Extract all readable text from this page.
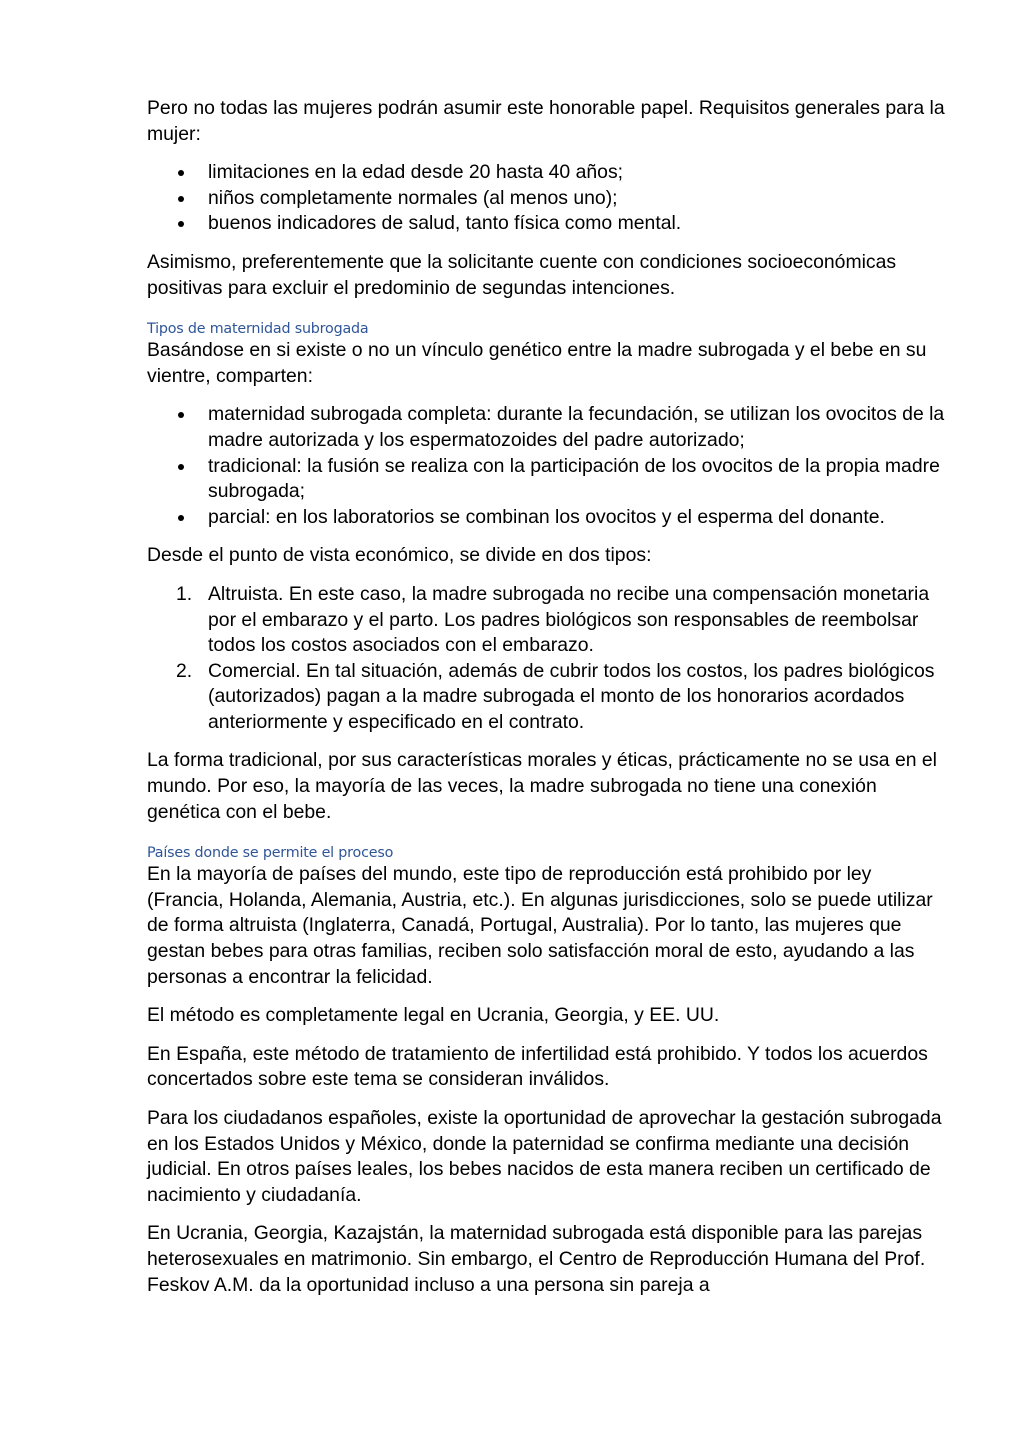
Pero no todas las mujeres podrán asumir este honorable papel. Requisitos generales para la mujer:

limitaciones en la edad desde 20 hasta 40 años;
niños completamente normales (al menos uno);
buenos indicadores de salud, tanto física como mental.

Asimismo, preferentemente que la solicitante cuente con condiciones socioeconómicas positivas para excluir el predominio de segundas intenciones.

Tipos de maternidad subrogada

Basándose en si existe o no un vínculo genético entre la madre subrogada y el bebe en su vientre, comparten:

maternidad subrogada completa: durante la fecundación, se utilizan los ovocitos de la madre autorizada y los espermatozoides del padre autorizado;
tradicional: la fusión se realiza con la participación de los ovocitos de la propia madre subrogada;
parcial: en los laboratorios se combinan los ovocitos y el esperma del donante.

Desde el punto de vista económico, se divide en dos tipos:

Altruista. En este caso, la madre subrogada no recibe una compensación monetaria por el embarazo y el parto. Los padres biológicos son responsables de reembolsar todos los costos asociados con el embarazo.
Comercial. En tal situación, además de cubrir todos los costos, los padres biológicos (autorizados) pagan a la madre subrogada el monto de los honorarios acordados anteriormente y especificado en el contrato.

La forma tradicional, por sus características morales y éticas, prácticamente no se usa en el mundo. Por eso, la mayoría de las veces, la madre subrogada no tiene una conexión genética con el bebe.

Países donde se permite el proceso

En la mayoría de países del mundo, este tipo de reproducción está prohibido por ley (Francia, Holanda, Alemania, Austria, etc.). En algunas jurisdicciones, solo se puede utilizar de forma altruista (Inglaterra, Canadá, Portugal, Australia). Por lo tanto, las mujeres que gestan bebes para otras familias, reciben solo satisfacción moral de esto, ayudando a las personas a encontrar la felicidad.

El método es completamente legal en Ucrania, Georgia, y EE. UU.

En España, este método de tratamiento de infertilidad está prohibido. Y todos los acuerdos concertados sobre este tema se consideran inválidos.

Para los ciudadanos españoles, existe la oportunidad de aprovechar la gestación subrogada en los Estados Unidos y México, donde la paternidad se confirma mediante una decisión judicial. En otros países leales, los bebes nacidos de esta manera reciben un certificado de nacimiento y ciudadanía.

En Ucrania, Georgia, Kazajstán, la maternidad subrogada está disponible para las parejas heterosexuales en matrimonio. Sin embargo, el Centro de Reproducción Humana del Prof. Feskov A.M. da la oportunidad incluso a una persona sin pareja a
